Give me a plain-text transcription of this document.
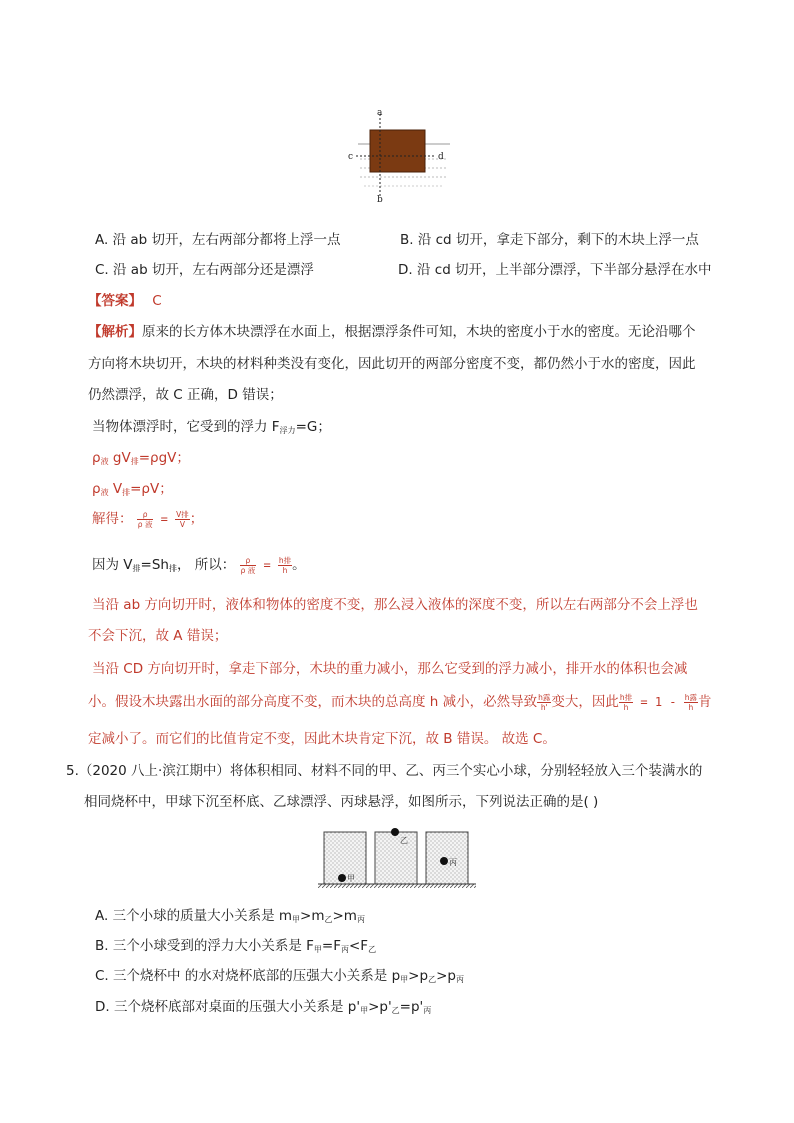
a
b
c	d
A. 沿 ab 切开，左右两部分都将上浮一点	B. 沿 cd 切开，拿走下部分，剩下的木块上浮一点
C. 沿 ab 切开，左右两部分还是漂浮	D. 沿 cd 切开，上半部分漂浮，下半部分悬浮在水中
【答案】 C
【解析】原来的长方体木块漂浮在水面上，根据漂浮条件可知，木块的密度小于水的密度。无论沿哪个
方向将木块切开，木块的材料种类没有变化，因此切开的两部分密度不变，都仍然小于水的密度，因此
仍然漂浮，故 C 正确，D 错误；
当物体漂浮时，它受到的浮力 $F_{浮力}=G$；
$\rho_液$ $gV_排=\rho gV$；
$\rho_液$ $V_排=\rho V$；
解得： $\frac{\rho}{\text{ρ 液}} = \frac{\text{V排}}{V}$ ；
因为 $V_排=Sh_排$， 所以： $\frac{\rho}{\text{ρ 液}} = \frac{\text{h排}}{h}$ 。
当沿 ab 方向切开时，液体和物体的密度不变，那么浸入液体的深度不变，所以左右两部分不会上浮也
不会下沉，故 A 错误；
当沿 CD 方向切开时，拿走下部分，木块的重力减小，那么它受到的浮力减小，排开水的体积也会减
小。假设木块露出水面的部分高度不变，而木块的总高度 h 减小，必然导致 $\frac{\text{h露}}{h'}$ 变大，因此 $\frac{\text{h排}}{h} = 1 - \frac{\text{h露}}{h}$ 肯
定减小了。而它们的比值肯定不变，因此木块肯定下沉，故 B 错误。 故选 C。
5.（2020 八上·滨江期中）将体积相同、材料不同的甲、乙、丙三个实心小球，分别轻轻放入三个装满水的
相同烧杯中，甲球下沉至杯底、乙球漂浮、丙球悬浮，如图所示，下列说法正确的是( )
甲
乙
丙
A. 三个小球的质量大小关系是 $m_甲>m_乙>m_丙$
B. 三个小球受到的浮力大小关系是 $F_甲=F_丙<F_乙$
C. 三个烧杯中 的水对烧杯底部的压强大小关系是 $p_甲>p_乙>p_丙$
D. 三个烧杯底部对桌面的压强大小关系是 $p'_甲>p'_乙=p'_丙$
